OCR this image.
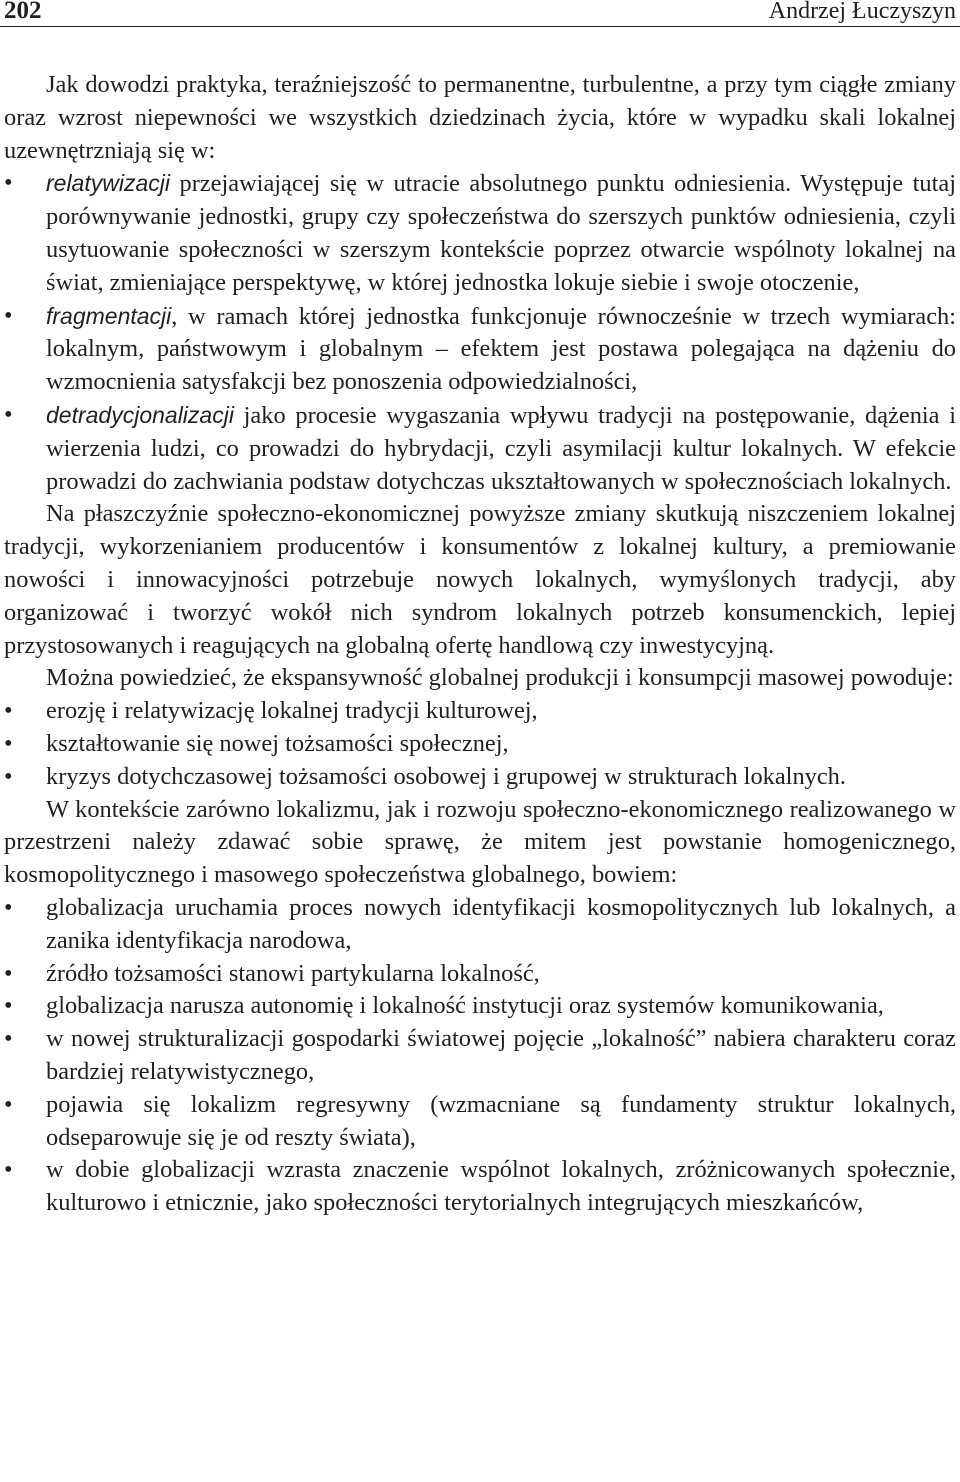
202	Andrzej Łuczyszyn

Jak dowodzi praktyka, teraźniejszość to permanentne, turbulentne, a przy tym ciągłe zmiany oraz wzrost niepewności we wszystkich dziedzinach życia, które w wypadku skali lokalnej uzewnętrzniają się w:

•	relatywizacji przejawiającej się w utracie absolutnego punktu odniesienia. Występuje tutaj porównywanie jednostki, grupy czy społeczeństwa do szerszych punktów odniesienia, czyli usytuowanie społeczności w szerszym kontekście poprzez otwarcie wspólnoty lokalnej na świat, zmieniające perspektywę, w której jednostka lokuje siebie i swoje otoczenie,
•	fragmentacji, w ramach której jednostka funkcjonuje równocześnie w trzech wymiarach: lokalnym, państwowym i globalnym – efektem jest postawa polegająca na dążeniu do wzmocnienia satysfakcji bez ponoszenia odpowiedzialności,
•	detradycjonalizacji jako procesie wygaszania wpływu tradycji na postępowanie, dążenia i wierzenia ludzi, co prowadzi do hybrydacji, czyli asymilacji kultur lokalnych. W efekcie prowadzi do zachwiania podstaw dotychczas ukształtowanych w społecznościach lokalnych.

Na płaszczyźnie społeczno-ekonomicznej powyższe zmiany skutkują niszczeniem lokalnej tradycji, wykorzenianiem producentów i konsumentów z lokalnej kultury, a premiowanie nowości i innowacyjności potrzebuje nowych lokalnych, wymyślonych tradycji, aby organizować i tworzyć wokół nich syndrom lokalnych potrzeb konsumenckich, lepiej przystosowanych i reagujących na globalną ofertę handlową czy inwestycyjną.

Można powiedzieć, że ekspansywność globalnej produkcji i konsumpcji masowej powoduje:

•	erozję i relatywizację lokalnej tradycji kulturowej,
•	kształtowanie się nowej tożsamości społecznej,
•	kryzys dotychczasowej tożsamości osobowej i grupowej w strukturach lokalnych.

W kontekście zarówno lokalizmu, jak i rozwoju społeczno-ekonomicznego realizowanego w przestrzeni należy zdawać sobie sprawę, że mitem jest powstanie homogenicznego, kosmopolitycznego i masowego społeczeństwa globalnego, bowiem:

•	globalizacja uruchamia proces nowych identyfikacji kosmopolitycznych lub lokalnych, a zanika identyfikacja narodowa,
•	źródło tożsamości stanowi partykularna lokalność,
•	globalizacja narusza autonomię i lokalność instytucji oraz systemów komunikowania,
•	w nowej strukturalizacji gospodarki światowej pojęcie „lokalność” nabiera charakteru coraz bardziej relatywistycznego,
•	pojawia się lokalizm regresywny (wzmacniane są fundamenty struktur lokalnych, odseparowuje się je od reszty świata),
•	w dobie globalizacji wzrasta znaczenie wspólnot lokalnych, zróżnicowanych społecznie, kulturowo i etnicznie, jako społeczności terytorialnych integrujących mieszkańców,
